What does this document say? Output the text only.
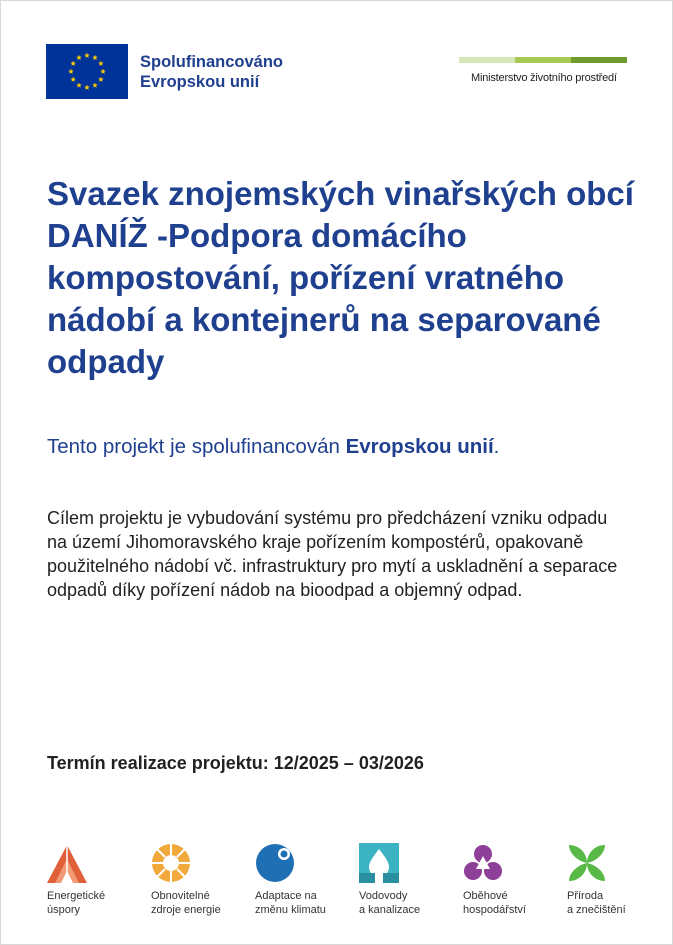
Spolufinancováno
Evropskou unií	Ministerstvo životního prostředí
Svazek znojemských vinařských obcí DANÍŽ -Podpora domácího kompostování, pořízení vratného nádobí a kontejnerů na separované odpady

Tento projekt je spolufinancován Evropskou unií.

Cílem projektu je vybudování systému pro předcházení vzniku odpadu na území Jihomoravského kraje pořízením kompostérů, opakovaně použitelného nádobí vč. infrastruktury pro mytí a uskladnění a separace odpadů díky pořízení nádob na bioodpad a objemný odpad.

Termín realizace projektu: 12/2025 – 03/2026

Energetické
úspory
Obnovitelné
zdroje energie
Adaptace na
změnu klimatu
Vodovody
a kanalizace
Oběhové
hospodářství
Příroda
a znečištění
